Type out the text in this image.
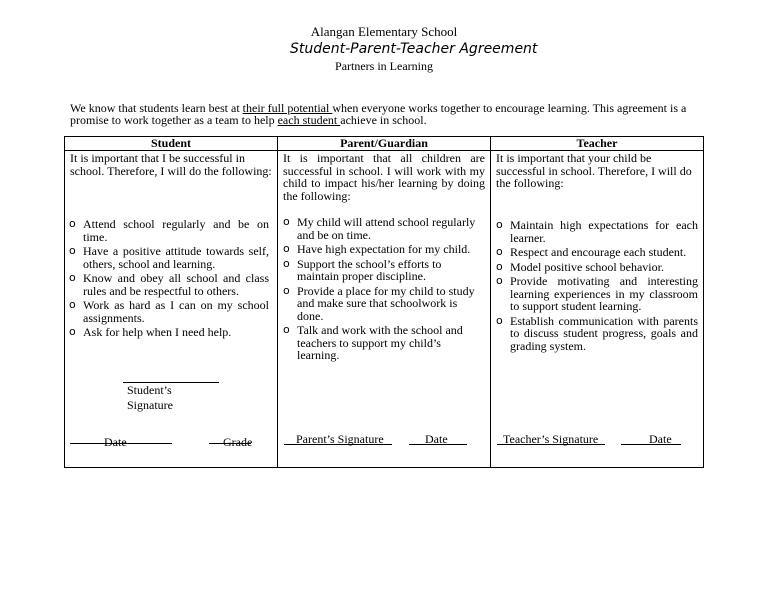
Alangan Elementary School
Student-Parent-Teacher Agreement
Partners in Learning
We know that students learn best at their full potential when everyone works together to encourage learning. This agreement is a promise to work together as a team to help each student achieve in school.
Student
It is important that I be successful in school. Therefore, I will do the following:
o Attend school regularly and be on time.
o Have a positive attitude towards self, others, school and learning.
o Know and obey all school and class rules and be respectful to others.
o Work as hard as I can on my school assignments.
o Ask for help when I need help.
Student’s Signature
Date	Grade
Parent/Guardian
It is important that all children are successful in school. I will work with my child to impact his/her learning by doing the following:
o My child will attend school regularly and be on time.
o Have high expectation for my child.
o Support the school’s efforts to maintain proper discipline.
o Provide a place for my child to study and make sure that schoolwork is done.
o Talk and work with the school and teachers to support my child’s learning.
Parent’s Signature	Date
Teacher
It is important that your child be successful in school. Therefore, I will do the following:
o Maintain high expectations for each learner.
o Respect and encourage each student.
o Model positive school behavior.
o Provide motivating and interesting learning experiences in my classroom to support student learning.
o Establish communication with parents to discuss student progress, goals and grading system.
Teacher’s Signature	Date
